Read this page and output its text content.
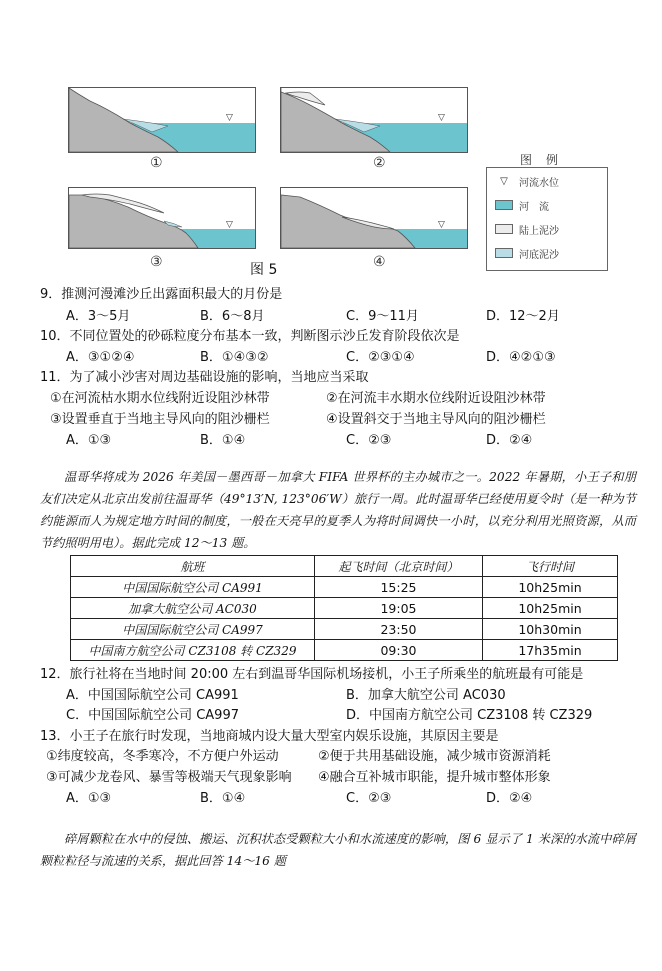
▽
①
▽
②
▽
③
▽
④
图 5
图例
▽	河流水位
河　流
陆上泥沙
河底泥沙
9．推测河漫滩沙丘出露面积最大的月份是
A．3～5月	B．6～8月	C．9～11月	D．12～2月
10．不同位置处的砂砾粒度分布基本一致，判断图示沙丘发育阶段依次是
A．③①②④	B．①④③②	C．②③①④	D．④②①③
11．为了减小沙害对周边基础设施的影响，当地应当采取
①在河流枯水期水位线附近设阻沙林带	②在河流丰水期水位线附近设阻沙林带
③设置垂直于当地主导风向的阻沙栅栏	④设置斜交于当地主导风向的阻沙栅栏
A．①③	B．①④	C．②③	D．②④
温哥华将成为 2026 年美国－墨西哥－加拿大 FIFA 世界杯的主办城市之一。2022 年暑期，小王子和朋友们决定从北京出发前往温哥华（49°13′N, 123°06′W）旅行一周。此时温哥华已经使用夏令时（是一种为节约能源而人为规定地方时间的制度，一般在天亮早的夏季人为将时间调快一小时，以充分利用光照资源，从而节约照明用电）。据此完成 12～13 题。
航班	起飞时间（北京时间）	飞行时间
中国国际航空公司 CA991	15:25	10h25min
加拿大航空公司 AC030	19:05	10h25min
中国国际航空公司 CA997	23:50	10h30min
中国南方航空公司 CZ3108 转 CZ329	09:30	17h35min
12．旅行社将在当地时间 20:00 左右到温哥华国际机场接机，小王子所乘坐的航班最有可能是
A．中国国际航空公司 CA991	B．加拿大航空公司 AC030
C．中国国际航空公司 CA997	D．中国南方航空公司 CZ3108 转 CZ329
13．小王子在旅行时发现，当地商城内设大量大型室内娱乐设施，其原因主要是
①纬度较高，冬季寒冷，不方便户外运动	②便于共用基础设施，减少城市资源消耗
③可减少龙卷风、暴雪等极端天气现象影响 ④融合互补城市职能，提升城市整体形象
A．①③	B．①④	C．②③	D．②④
碎屑颗粒在水中的侵蚀、搬运、沉积状态受颗粒大小和水流速度的影响，图 6 显示了 1 米深的水流中碎屑颗粒粒径与流速的关系，据此回答 14～16 题
